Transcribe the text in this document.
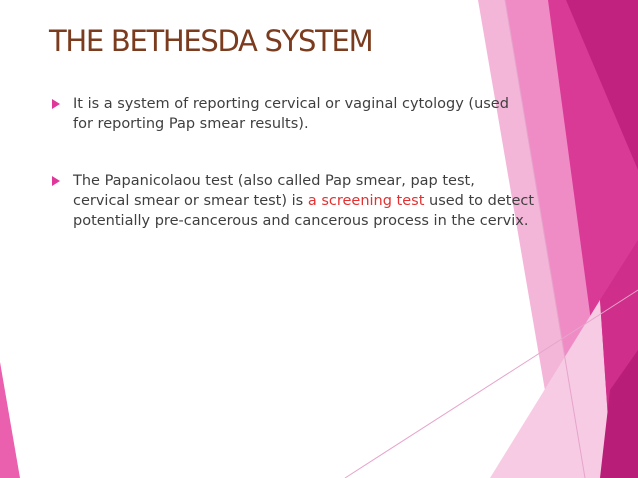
THE BETHESDA SYSTEM

It is a system of reporting cervical or vaginal cytology (used

for reporting Pap smear results).

The Papanicolaou test (also called Pap smear, pap test,

cervical smear or smear test) is a screening test used to detect

potentially pre-cancerous and cancerous process in the cervix.
